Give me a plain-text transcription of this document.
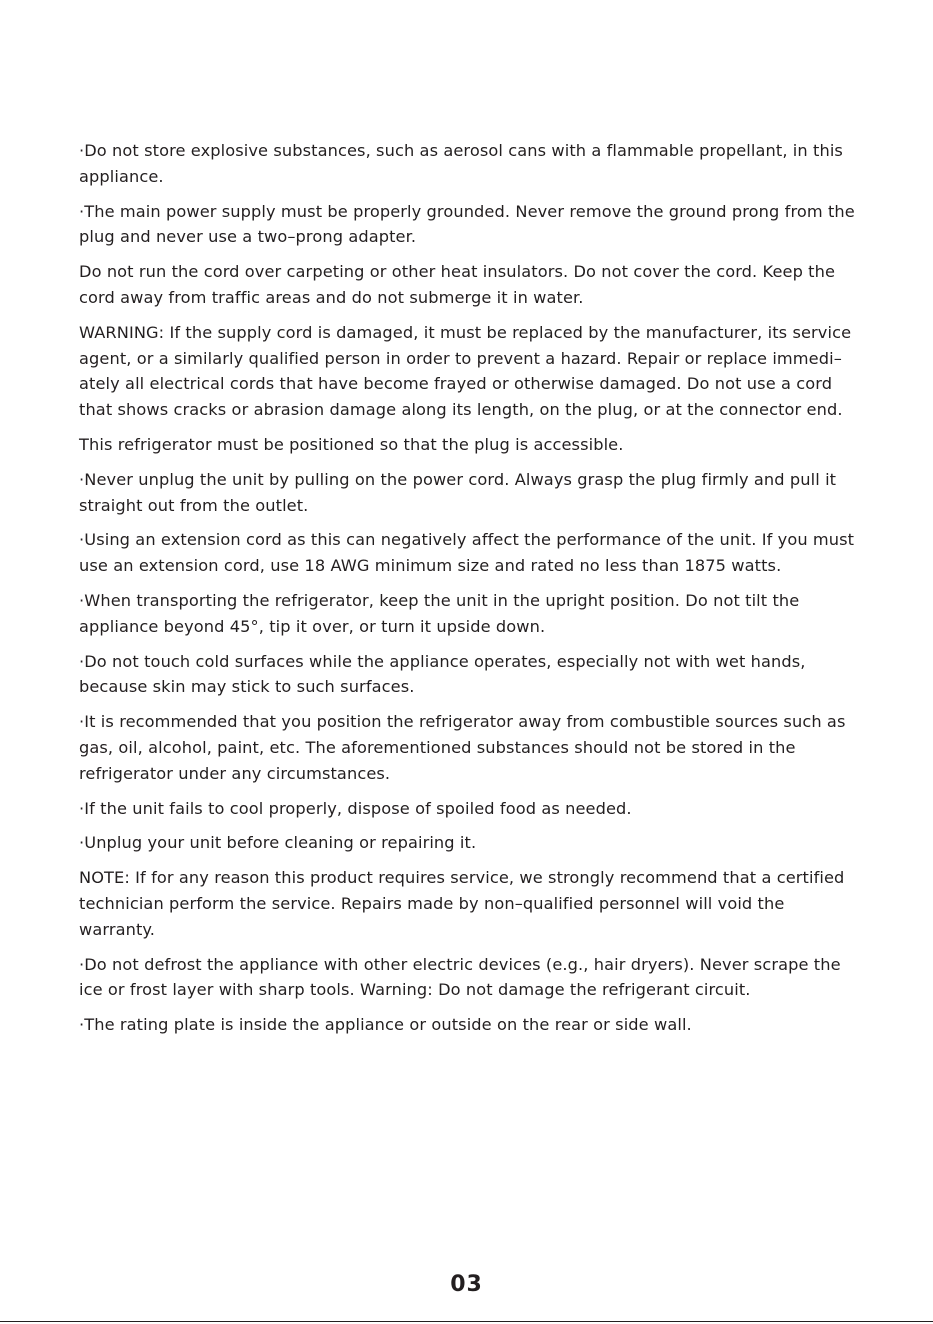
·Do not store explosive substances, such as aerosol cans with a flammable propellant, in this appliance.

·The main power supply must be properly grounded. Never remove the ground prong from the plug and never use a two–prong adapter.

Do not run the cord over carpeting or other heat insulators. Do not cover the cord. Keep the cord away from traffic areas and do not submerge it in water.

WARNING: If the supply cord is damaged, it must be replaced by the manufacturer, its service agent, or a similarly qualified person in order to prevent a hazard. Repair or replace immedi– ately all electrical cords that have become frayed or otherwise damaged. Do not use a cord that shows cracks or abrasion damage along its length, on the plug, or at the connector end.

This refrigerator must be positioned so that the plug is accessible.

·Never unplug the unit by pulling on the power cord. Always grasp the plug firmly and pull it straight out from the outlet.

·Using an extension cord as this can negatively affect the performance of the unit. If you must use an extension cord, use 18 AWG minimum size and rated no less than 1875 watts.

·When transporting the refrigerator, keep the unit in the upright position. Do not tilt the appliance beyond 45°, tip it over, or turn it upside down.

·Do not touch cold surfaces while the appliance operates, especially not with wet hands, because skin may stick to such surfaces.

·It is recommended that you position the refrigerator away from combustible sources such as gas, oil, alcohol, paint, etc. The aforementioned substances should not be stored in the refrigerator under any circumstances.

·If the unit fails to cool properly, dispose of spoiled food as needed.

·Unplug your unit before cleaning or repairing it.

NOTE: If for any reason this product requires service, we strongly recommend that a certified technician perform the service. Repairs made by non–qualified personnel will void the warranty.

·Do not defrost the appliance with other electric devices (e.g., hair dryers). Never scrape the ice or frost layer with sharp tools. Warning: Do not damage the refrigerant circuit.

·The rating plate is inside the appliance or outside on the rear or side wall.

03
